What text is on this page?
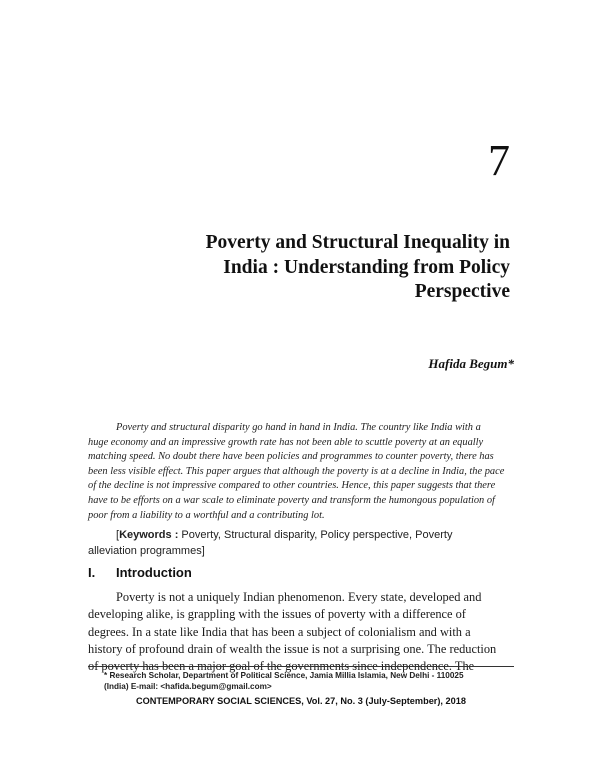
7
Poverty and Structural Inequality in
India : Understanding from Policy
Perspective
Hafida Begum*
Poverty and structural disparity go hand in hand in India. The country like India with a
huge economy and an impressive growth rate has not been able to scuttle poverty at an equally
matching speed. No doubt there have been policies and programmes to counter poverty, there has
been less visible effect. This paper argues that although the poverty is at a decline in India, the pace
of the decline is not impressive compared to other countries. Hence, this paper suggests that there
have to be efforts on a war scale to eliminate poverty and transform the humongous population of
poor from a liability to a worthful and a contributing lot.
[Keywords : Poverty, Structural disparity, Policy perspective, Poverty
alleviation programmes]
I. Introduction
Poverty is not a uniquely Indian phenomenon. Every state, developed and
developing alike, is grappling with the issues of poverty with a difference of
degrees. In a state like India that has been a subject of colonialism and with a
history of profound drain of wealth the issue is not a surprising one. The reduction
of poverty has been a major goal of the governments since independence. The
* Research Scholar, Department of Political Science, Jamia Millia Islamia, New Delhi - 110025
(India) E-mail: <hafida.begum@gmail.com>
CONTEMPORARY SOCIAL SCIENCES, Vol. 27, No. 3 (July-September), 2018
